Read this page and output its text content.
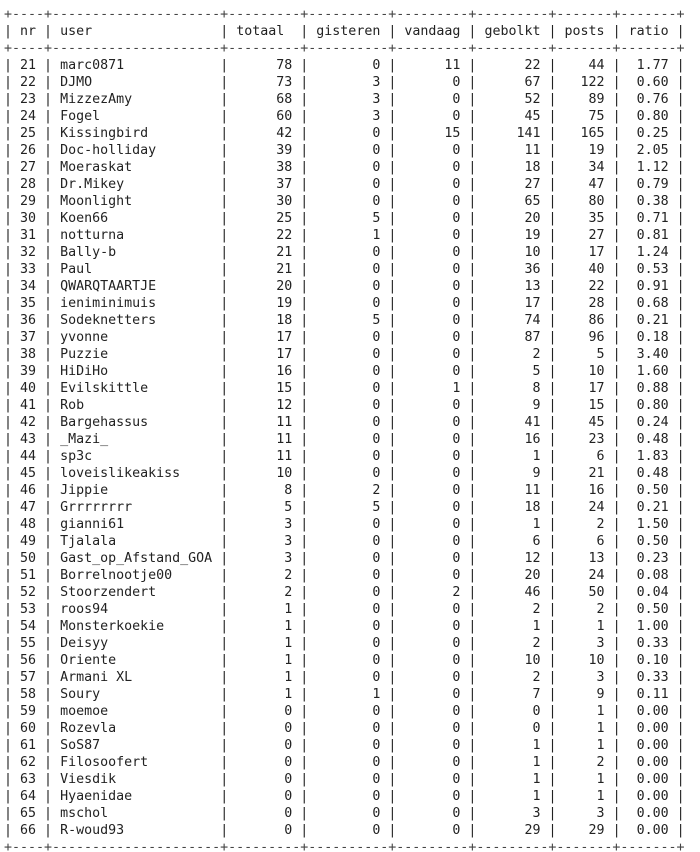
+----+---------------------+---------+----------+---------+---------+-------+-------+
| nr | user                | totaal  | gisteren | vandaag | gebolkt | posts | ratio |
+----+---------------------+---------+----------+---------+---------+-------+-------+
| 21 | marc0871            |      78 |        0 |      11 |      22 |    44 |  1.77 |
| 22 | DJMO                |      73 |        3 |       0 |      67 |   122 |  0.60 |
| 23 | MizzezAmy           |      68 |        3 |       0 |      52 |    89 |  0.76 |
| 24 | Fogel               |      60 |        3 |       0 |      45 |    75 |  0.80 |
| 25 | Kissingbird         |      42 |        0 |      15 |     141 |   165 |  0.25 |
| 26 | Doc-holliday        |      39 |        0 |       0 |      11 |    19 |  2.05 |
| 27 | Moeraskat           |      38 |        0 |       0 |      18 |    34 |  1.12 |
| 28 | Dr.Mikey            |      37 |        0 |       0 |      27 |    47 |  0.79 |
| 29 | Moonlight           |      30 |        0 |       0 |      65 |    80 |  0.38 |
| 30 | Koen66              |      25 |        5 |       0 |      20 |    35 |  0.71 |
| 31 | notturna            |      22 |        1 |       0 |      19 |    27 |  0.81 |
| 32 | Bally-b             |      21 |        0 |       0 |      10 |    17 |  1.24 |
| 33 | Paul                |      21 |        0 |       0 |      36 |    40 |  0.53 |
| 34 | QWARQTAARTJE        |      20 |        0 |       0 |      13 |    22 |  0.91 |
| 35 | ieniminimuis        |      19 |        0 |       0 |      17 |    28 |  0.68 |
| 36 | Sodeknetters        |      18 |        5 |       0 |      74 |    86 |  0.21 |
| 37 | yvonne              |      17 |        0 |       0 |      87 |    96 |  0.18 |
| 38 | Puzzie              |      17 |        0 |       0 |       2 |     5 |  3.40 |
| 39 | HiDiHo              |      16 |        0 |       0 |       5 |    10 |  1.60 |
| 40 | Evilskittle         |      15 |        0 |       1 |       8 |    17 |  0.88 |
| 41 | Rob                 |      12 |        0 |       0 |       9 |    15 |  0.80 |
| 42 | Bargehassus         |      11 |        0 |       0 |      41 |    45 |  0.24 |
| 43 | _Mazi_              |      11 |        0 |       0 |      16 |    23 |  0.48 |
| 44 | sp3c                |      11 |        0 |       0 |       1 |     6 |  1.83 |
| 45 | loveislikeakiss     |      10 |        0 |       0 |       9 |    21 |  0.48 |
| 46 | Jippie              |       8 |        2 |       0 |      11 |    16 |  0.50 |
| 47 | Grrrrrrrr           |       5 |        5 |       0 |      18 |    24 |  0.21 |
| 48 | gianni61            |       3 |        0 |       0 |       1 |     2 |  1.50 |
| 49 | Tjalala             |       3 |        0 |       0 |       6 |     6 |  0.50 |
| 50 | Gast_op_Afstand_GOA |       3 |        0 |       0 |      12 |    13 |  0.23 |
| 51 | Borrelnootje00      |       2 |        0 |       0 |      20 |    24 |  0.08 |
| 52 | Stoorzendert        |       2 |        0 |       2 |      46 |    50 |  0.04 |
| 53 | roos94              |       1 |        0 |       0 |       2 |     2 |  0.50 |
| 54 | Monsterkoekie       |       1 |        0 |       0 |       1 |     1 |  1.00 |
| 55 | Deisyy              |       1 |        0 |       0 |       2 |     3 |  0.33 |
| 56 | Oriente             |       1 |        0 |       0 |      10 |    10 |  0.10 |
| 57 | Armani XL           |       1 |        0 |       0 |       2 |     3 |  0.33 |
| 58 | Soury               |       1 |        1 |       0 |       7 |     9 |  0.11 |
| 59 | moemoe              |       0 |        0 |       0 |       0 |     1 |  0.00 |
| 60 | Rozevla             |       0 |        0 |       0 |       0 |     1 |  0.00 |
| 61 | SoS87               |       0 |        0 |       0 |       1 |     1 |  0.00 |
| 62 | Filosoofert         |       0 |        0 |       0 |       1 |     2 |  0.00 |
| 63 | Viesdik             |       0 |        0 |       0 |       1 |     1 |  0.00 |
| 64 | Hyaenidae           |       0 |        0 |       0 |       1 |     1 |  0.00 |
| 65 | mschol              |       0 |        0 |       0 |       3 |     3 |  0.00 |
| 66 | R-woud93            |       0 |        0 |       0 |      29 |    29 |  0.00 |
+----+---------------------+---------+----------+---------+---------+-------+-------+
